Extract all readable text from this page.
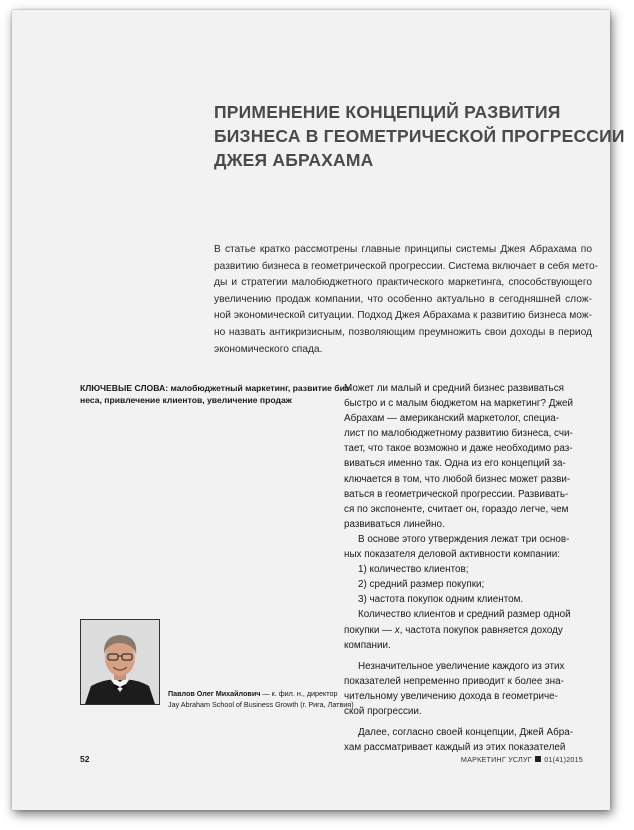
ПРИМЕНЕНИЕ КОНЦЕПЦИЙ РАЗВИТИЯ
БИЗНЕСА В ГЕОМЕТРИЧЕСКОЙ ПРОГРЕССИИ
ДЖЕЯ АБРАХАМА
В статье кратко рассмотрены главные принципы системы Джея Абрахама по
развитию бизнеса в геометрической прогрессии. Система включает в себя мето-
ды и стратегии малобюджетного практического маркетинга, способствующего
увеличению продаж компании, что особенно актуально в сегодняшней слож-
ной экономической ситуации. Подход Джея Абрахама к развитию бизнеса мож-
но назвать антикризисным, позволяющим преумножить свои доходы в период
экономического спада.
КЛЮЧЕВЫЕ СЛОВА: малобюджетный маркетинг, развитие биз-
неса, привлечение клиентов, увеличение продаж
Может ли малый и средний бизнес развиваться
быстро и с малым бюджетом на маркетинг? Джей
Абрахам — американский маркетолог, специа-
лист по малобюджетному развитию бизнеса, счи-
тает, что такое возможно и даже необходимо раз-
виваться именно так. Одна из его концепций за-
ключается в том, что любой бизнес может разви-
ваться в геометрической прогрессии. Развивать-
ся по экспоненте, считает он, гораздо легче, чем
развиваться линейно.
В основе этого утверждения лежат три основ-
ных показателя деловой активности компании:
1) количество клиентов;
2) средний размер покупки;
3) частота покупок одним клиентом.
Количество клиентов и средний размер одной
покупки — х, частота покупок равняется доходу
компании.
Незначительное увеличение каждого из этих
показателей непременно приводит к более зна-
чительному увеличению дохода в геометриче-
ской прогрессии.
Далее, согласно своей концепции, Джей Абра-
хам рассматривает каждый из этих показателей
Павлов Олег Михайлович — к. фил. н., директор
Jay Abraham School of Business Growth (г. Рига, Латвия)
52	МАРКЕТИНГ УСЛУГ 01(41)2015
